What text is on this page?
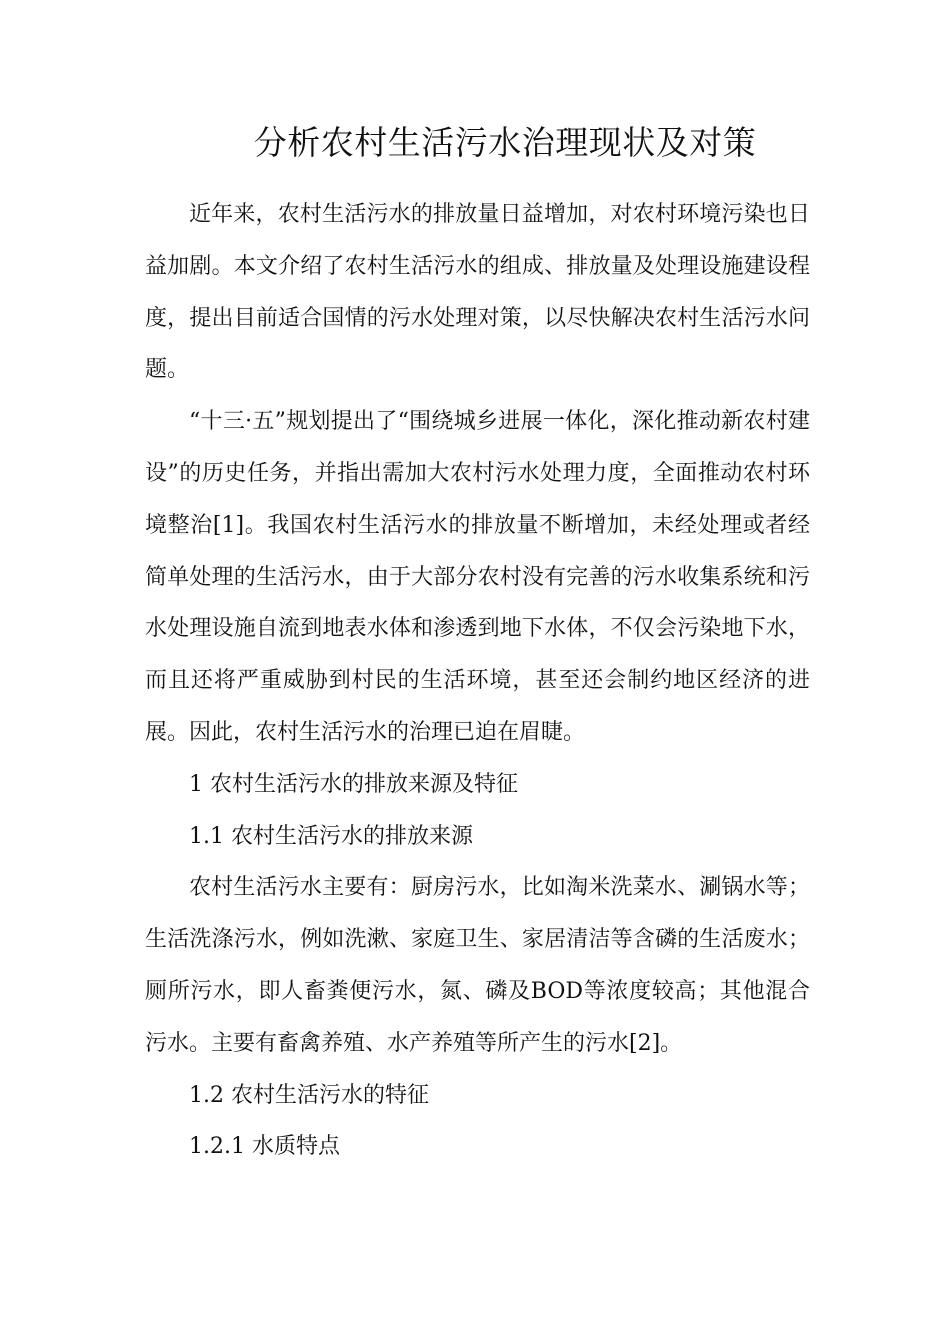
分析农村生活污水治理现状及对策

近年来，农村生活污水的排放量日益增加，对农村环境污染也日益加剧。本文介绍了农村生活污水的组成、排放量及处理设施建设程度，提出目前适合国情的污水处理对策，以尽快解决农村生活污水问题。

“十三·五”规划提出了“围绕城乡进展一体化，深化推动新农村建设”的历史任务，并指出需加大农村污水处理力度，全面推动农村环境整治[1]。我国农村生活污水的排放量不断增加，未经处理或者经简单处理的生活污水，由于大部分农村没有完善的污水收集系统和污水处理设施自流到地表水体和渗透到地下水体，不仅会污染地下水，而且还将严重威胁到村民的生活环境，甚至还会制约地区经济的进展。因此，农村生活污水的治理已迫在眉睫。

1 农村生活污水的排放来源及特征

1.1 农村生活污水的排放来源

农村生活污水主要有：厨房污水，比如淘米洗菜水、涮锅水等；生活洗涤污水，例如洗漱、家庭卫生、家居清洁等含磷的生活废水；厕所污水，即人畜粪便污水，氮、磷及BOD等浓度较高；其他混合污水。主要有畜禽养殖、水产养殖等所产生的污水[2]。

1.2 农村生活污水的特征

1.2.1 水质特点
